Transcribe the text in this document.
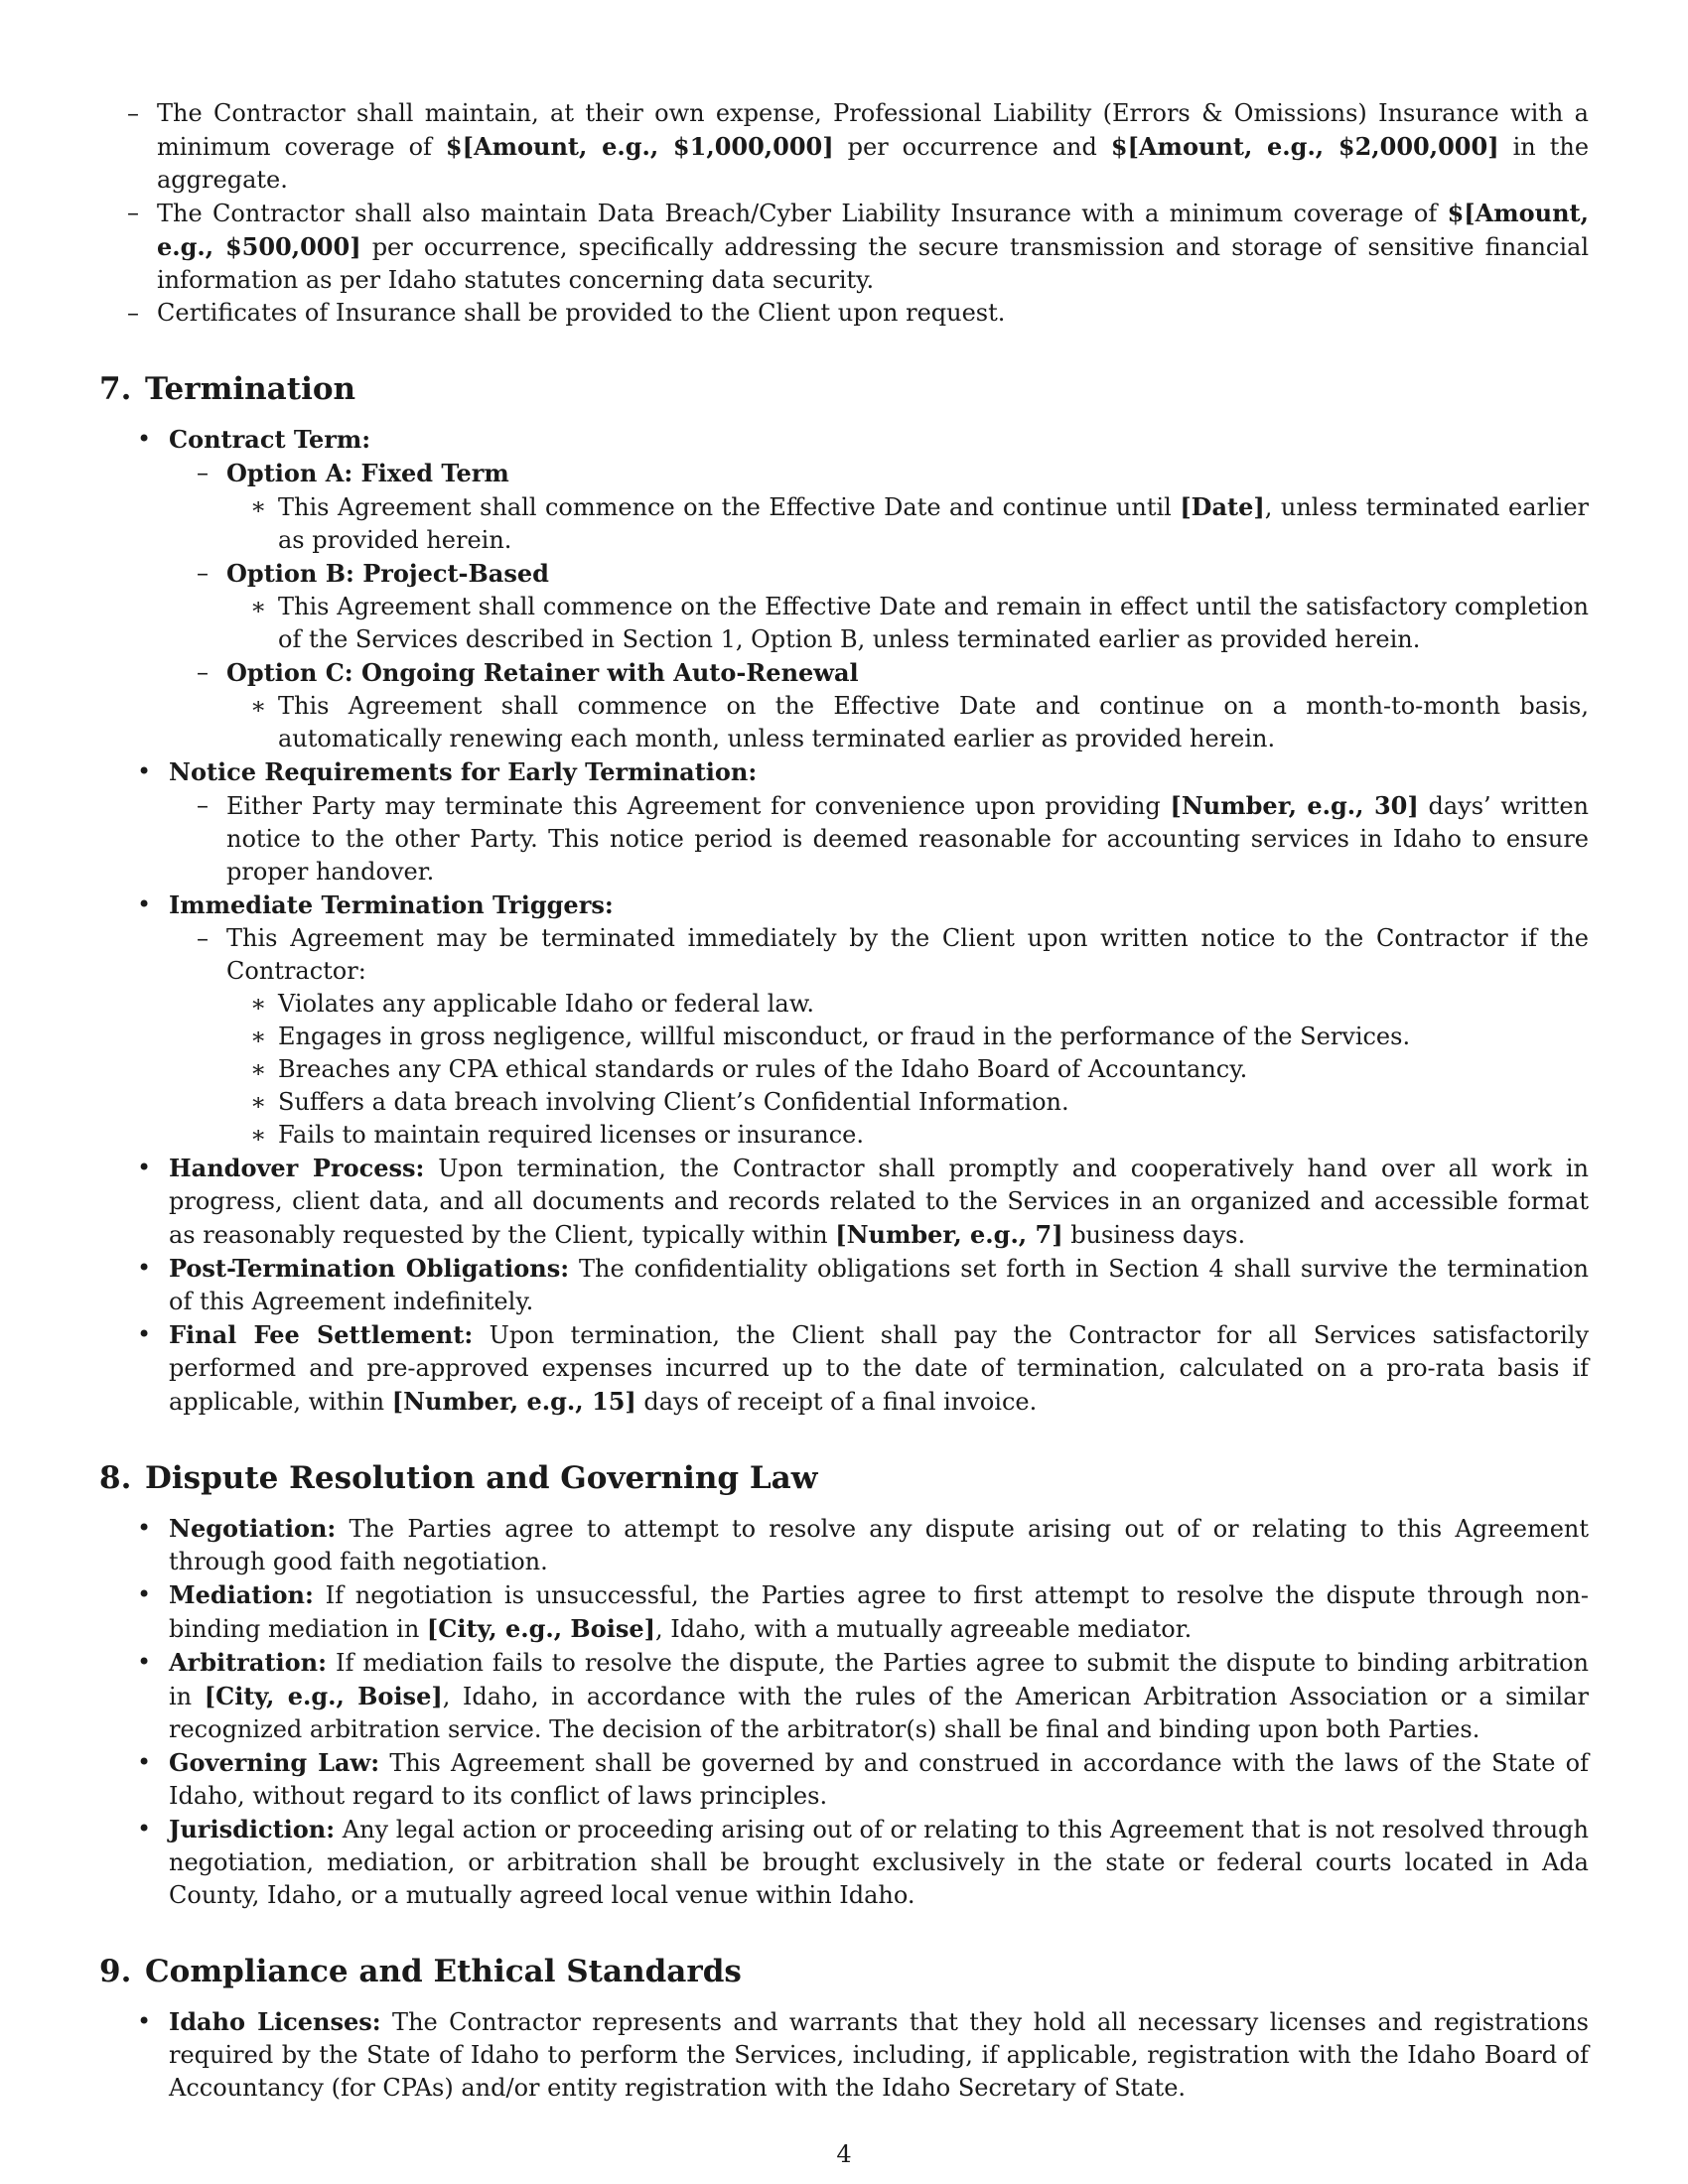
– The Contractor shall maintain, at their own expense, Professional Liability (Errors & Omissions) Insurance with a minimum coverage of $[Amount, e.g., $1,000,000] per occurrence and $[Amount, e.g., $2,000,000] in the aggregate.
– The Contractor shall also maintain Data Breach/Cyber Liability Insurance with a minimum coverage of $[Amount, e.g., $500,000] per occurrence, specifically addressing the secure transmission and storage of sensitive financial information as per Idaho statutes concerning data security.
– Certificates of Insurance shall be provided to the Client upon request.
7. Termination
• Contract Term:
– Option A: Fixed Term
∗ This Agreement shall commence on the Effective Date and continue until [Date], unless terminated earlier as provided herein.
– Option B: Project-Based
∗ This Agreement shall commence on the Effective Date and remain in effect until the satisfactory completion of the Services described in Section 1, Option B, unless terminated earlier as provided herein.
– Option C: Ongoing Retainer with Auto-Renewal
∗ This Agreement shall commence on the Effective Date and continue on a month-to-month basis, automatically renewing each month, unless terminated earlier as provided herein.
• Notice Requirements for Early Termination:
– Either Party may terminate this Agreement for convenience upon providing [Number, e.g., 30] days’ written notice to the other Party. This notice period is deemed reasonable for accounting services in Idaho to ensure proper handover.
• Immediate Termination Triggers:
– This Agreement may be terminated immediately by the Client upon written notice to the Contractor if the Contractor:
∗ Violates any applicable Idaho or federal law.
∗ Engages in gross negligence, willful misconduct, or fraud in the performance of the Services.
∗ Breaches any CPA ethical standards or rules of the Idaho Board of Accountancy.
∗ Suffers a data breach involving Client’s Confidential Information.
∗ Fails to maintain required licenses or insurance.
• Handover Process: Upon termination, the Contractor shall promptly and cooperatively hand over all work in progress, client data, and all documents and records related to the Services in an organized and accessible format as reasonably requested by the Client, typically within [Number, e.g., 7] business days.
• Post-Termination Obligations: The confidentiality obligations set forth in Section 4 shall survive the termination of this Agreement indefinitely.
• Final Fee Settlement: Upon termination, the Client shall pay the Contractor for all Services satisfactorily performed and pre-approved expenses incurred up to the date of termination, calculated on a pro-rata basis if applicable, within [Number, e.g., 15] days of receipt of a final invoice.
8. Dispute Resolution and Governing Law
• Negotiation: The Parties agree to attempt to resolve any dispute arising out of or relating to this Agreement through good faith negotiation.
• Mediation: If negotiation is unsuccessful, the Parties agree to first attempt to resolve the dispute through non-binding mediation in [City, e.g., Boise], Idaho, with a mutually agreeable mediator.
• Arbitration: If mediation fails to resolve the dispute, the Parties agree to submit the dispute to binding arbitration in [City, e.g., Boise], Idaho, in accordance with the rules of the American Arbitration Association or a similar recognized arbitration service. The decision of the arbitrator(s) shall be final and binding upon both Parties.
• Governing Law: This Agreement shall be governed by and construed in accordance with the laws of the State of Idaho, without regard to its conflict of laws principles.
• Jurisdiction: Any legal action or proceeding arising out of or relating to this Agreement that is not resolved through negotiation, mediation, or arbitration shall be brought exclusively in the state or federal courts located in Ada County, Idaho, or a mutually agreed local venue within Idaho.
9. Compliance and Ethical Standards
• Idaho Licenses: The Contractor represents and warrants that they hold all necessary licenses and registrations required by the State of Idaho to perform the Services, including, if applicable, registration with the Idaho Board of Accountancy (for CPAs) and/or entity registration with the Idaho Secretary of State.
4
